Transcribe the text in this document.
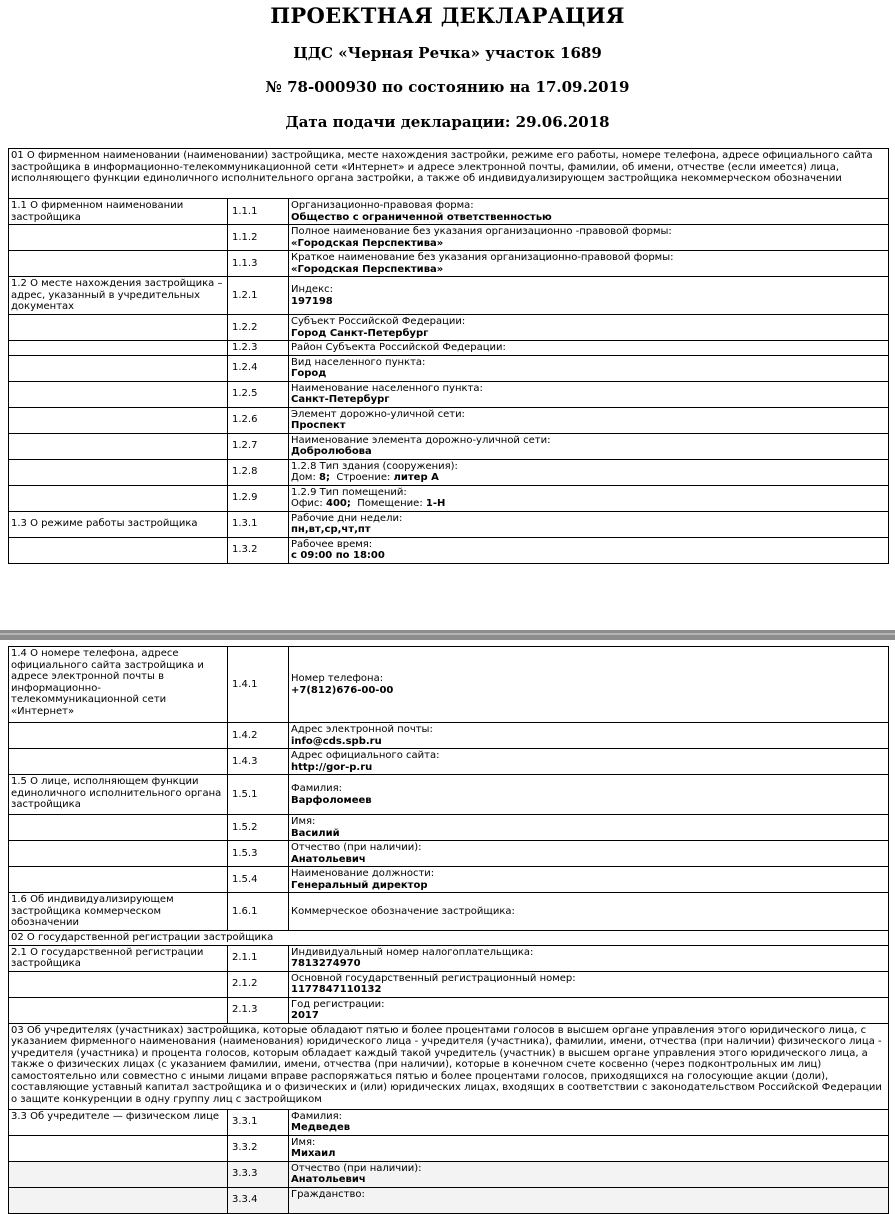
ПРОЕКТНАЯ ДЕКЛАРАЦИЯ
ЦДС «Черная Речка» участок 1689
№ 78-000930 по состоянию на 17.09.2019
Дата подачи декларации: 29.06.2018
01 О фирменном наименовании (наименовании) застройщика, месте нахождения застройки, режиме его работы, номере телефона, адресе официального сайта застройщика в информационно-телекоммуникационной сети «Интернет» и адресе электронной почты, фамилии, об имени, отчестве (если имеется) лица, исполняющего функции единоличного исполнительного органа застройки, а также об индивидуализирующем застройщика некоммерческом обозначении		
1.1 О фирменном наименовании застройщика	1.1.1	Организационно-правовая форма:
Общество с ограниченной ответственностью

	1.1.2	Полное наименование без указания организационно -правовой формы:
«Городская Перспектива»

	1.1.3	Краткое наименование без указания организационно-правовой формы:
«Городская Перспектива»

1.2 О месте нахождения застройщика – адрес, указанный в учредительных документах	1.2.1	Индекс:
197198

	1.2.2	Субъект Российской Федерации:
Город Санкт-Петербург

	1.2.3	Район Субъекта Российской Федерации:

	1.2.4	Вид населенного пункта:
Город

	1.2.5	Наименование населенного пункта:
Санкт-Петербург

	1.2.6	Элемент дорожно-уличной сети:
Проспект

	1.2.7	Наименование элемента дорожно-уличной сети:
Добролюбова

	1.2.8	1.2.8 Тип здания (сооружения):
Дом: 8; Строение: литер А

	1.2.9	1.2.9 Тип помещений:
Офис: 400; Помещение: 1-Н

1.3 О режиме работы застройщика	1.3.1	Рабочие дни недели:
пн,вт,ср,чт,пт

	1.3.2	Рабочее время:
с 09:00 по 18:00
1.4 О номере телефона, адресе официального сайта застройщика и адресе электронной почты в информационно-телекоммуникационной сети «Интернет»	1.4.1	Номер телефона:
+7(812)676-00-00

	1.4.2	Адрес электронной почты:
info@cds.spb.ru

	1.4.3	Адрес официального сайта:
http://gor-p.ru

1.5 О лице, исполняющем функции единоличного исполнительного органа застройщика	1.5.1	Фамилия:
Варфоломеев

	1.5.2	Имя:
Василий

	1.5.3	Отчество (при наличии):
Анатольевич

	1.5.4	Наименование должности:
Генеральный директор

1.6 Об индивидуализирующем застройщика коммерческом обозначении	1.6.1	Коммерческое обозначение застройщика:

02 О государственной регистрации застройщика		
2.1 О государственной регистрации застройщика	2.1.1	Индивидуальный номер налогоплательщика:
7813274970

	2.1.2	Основной государственный регистрационный номер:
1177847110132

	2.1.3	Год регистрации:
2017

03 Об учредителях (участниках) застройщика, которые обладают пятью и более процентами голосов в высшем органе управления этого юридического лица, с указанием фирменного наименования (наименования) юридического лица - учредителя (участника), фамилии, имени, отчества (при наличии) физического лица - учредителя (участника) и процента голосов, которым обладает каждый такой учредитель (участник) в высшем органе управления этого юридического лица, а также о физических лицах (с указанием фамилии, имени, отчества (при наличии), которые в конечном счете косвенно (через подконтрольных им лиц) самостоятельно или совместно с иными лицами вправе распоряжаться пятью и более процентами голосов, приходящихся на голосующие акции (доли), составляющие уставный капитал застройщика и о физических и (или) юридических лицах, входящих в соответствии с законодательством Российской Федерации о защите конкуренции в одну группу лиц с застройщиком		
3.3 Об учредителе — физическом лице	3.3.1	Фамилия:
Медведев

	3.3.2	Имя:
Михаил

	3.3.3	Отчество (при наличии):
Анатольевич

	3.3.4	Гражданство:
